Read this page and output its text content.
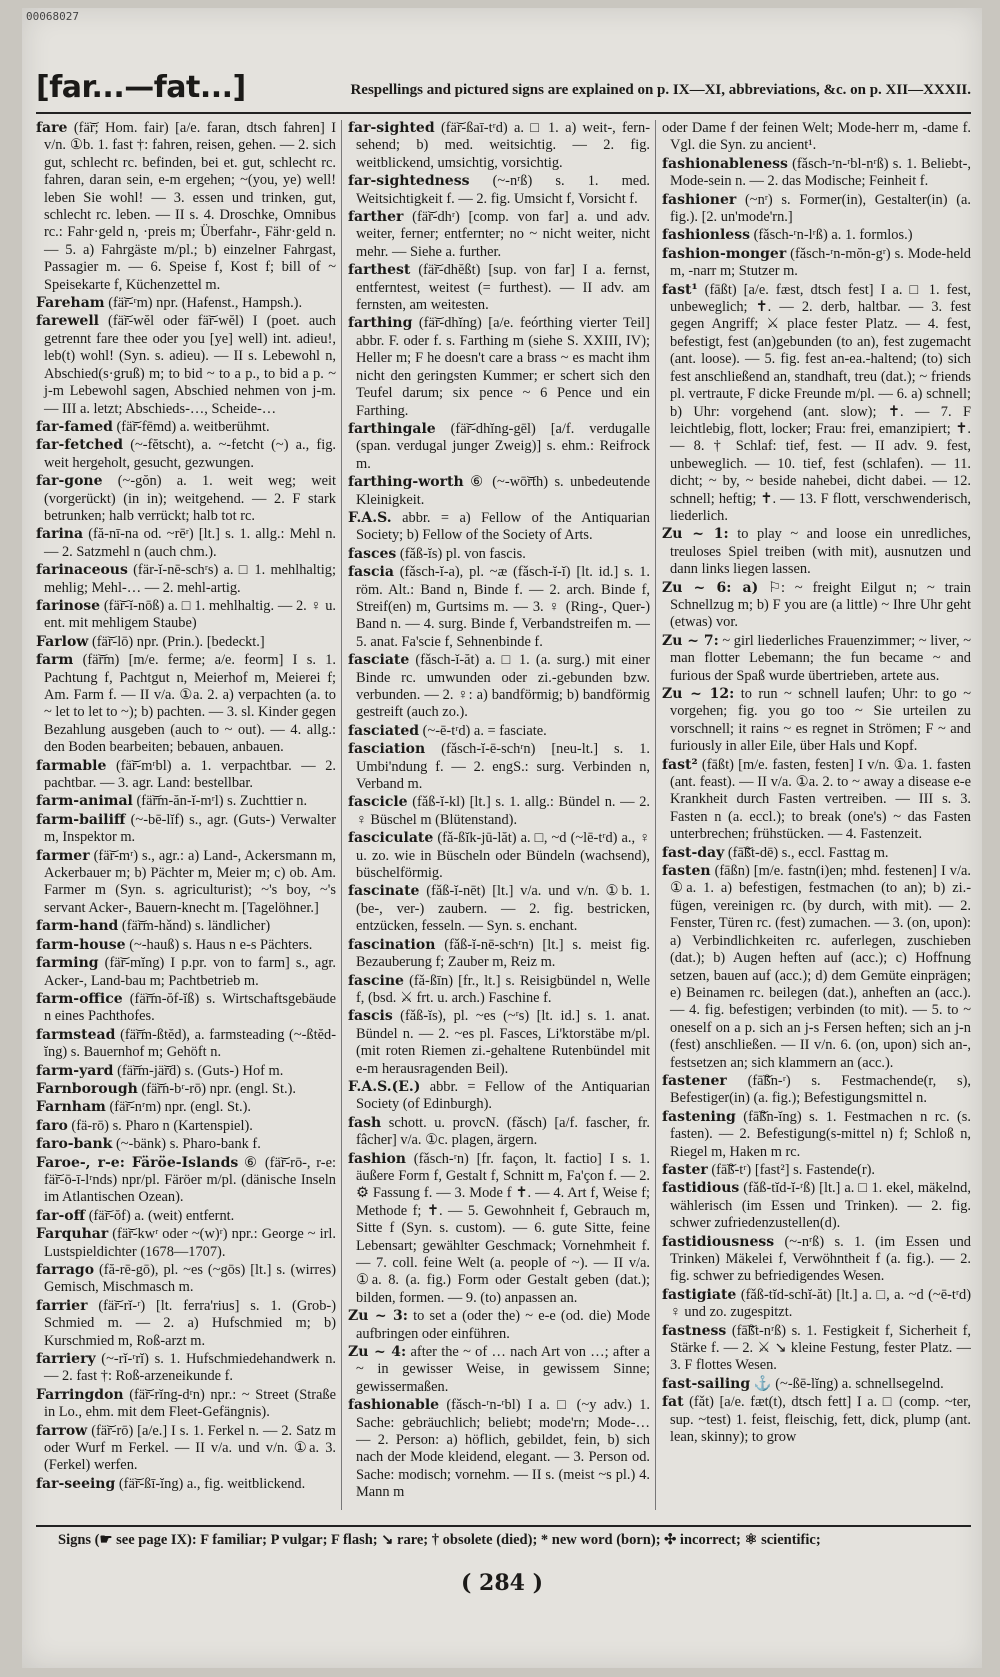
00068027
[far...—fat...]	Respellings and pictured signs are explained on p. IX—XI, abbreviations, &c. on p. XII—XXXII.
fare (fä͝r; Hom. fair) [a/e. faran, dtsch fahren] I v/n. ①b. 1. fast †: fahren, reisen, gehen. — 2. sich gut, schlecht rc. befinden, bei et. gut, schlecht rc. fahren, daran sein, e-m ergehen; ~(you, ye) well! leben Sie wohl! — 3. essen und trinken, gut, schlecht rc. leben. — II s. 4. Droschke, Omnibus rc.: Fahr·geld n, ·preis m; Überfahr-, Fähr·geld n. — 5. a) Fahrgäste m/pl.; b) einzelner Fahrgast, Passagier m. — 6. Speise f, Kost f; bill of ~ Speisekarte f, Küchenzettel m.
Fareham (fä͝r-ʳm) npr. (Hafenst., Hampsh.).
farewell (fä͝r-wĕl oder fä͝r-wĕl) I (poet. auch getrennt fare thee oder you [ye] well) int. adieu!, leb(t) wohl! (Syn. s. adieu). — II s. Lebewohl n, Abschied(s·gruß) m; to bid ~ to a p., to bid a p. ~ j-m Lebewohl sagen, Abschied nehmen von j-m. — III a. letzt; Abschieds-…, Scheide-…
far-famed (fä͝r-fēmd) a. weitberühmt.
far-fetched (~-fĕtscht), a. ~-fetcht (~) a., fig. weit hergeholt, gesucht, gezwungen.
far-gone (~-gŏn) a. 1. weit weg; weit (vorgerückt) (in in); weitgehend. — 2. F stark betrunken; halb verrückt; halb tot rc.
farina (fă-nī-na od. ~rēʳ) [lt.] s. 1. allg.: Mehl n. — 2. Satzmehl n (auch chm.).
farinaceous (fär-ĭ-nē-schʳs) a. □ 1. mehlhaltig; mehlig; Mehl-… — 2. mehl-artig.
farinose (fä͝r-ĭ-nōß) a. □ 1. mehlhaltig. — 2. ♀ u. ent. mit mehligem Staube)
Farlow (fä͝r-lō) npr. (Prin.). [bedeckt.]
farm (fä͝rm) [m/e. ferme; a/e. feorm] I s. 1. Pachtung f, Pachtgut n, Meierhof m, Meierei f; Am. Farm f. — II v/a. ①a. 2. a) verpachten (a. to ~ let to let to ~); b) pachten. — 3. sl. Kinder gegen Bezahlung ausgeben (auch to ~ out). — 4. allg.: den Boden bearbeiten; bebauen, anbauen.
farmable (fä͝r-mʳbl) a. 1. verpachtbar. — 2. pachtbar. — 3. agr. Land: bestellbar.
farm-animal (fä͝rm-ăn-ĭ-mʳl) s. Zuchttier n.
farm-bailiff (~-bē-lĭf) s., agr. (Guts-) Verwalter m, Inspektor m.
farmer (fä͝r-mʳ) s., agr.: a) Land-, Ackersmann m, Ackerbauer m; b) Pächter m, Meier m; c) ob. Am. Farmer m (Syn. s. agriculturist); ~'s boy, ~'s servant Acker-, Bauern-knecht m. [Tagelöhner.]
farm-hand (fä͝rm-hǎnd) s. ländlicher)
farm-house (~-hauß) s. Haus n e-s Pächters.
farming (fä͝r-mĭng) I p.pr. von to farm] s., agr. Acker-, Land-bau m; Pachtbetrieb m.
farm-office (fä͝rm-ŏf-ĭß) s. Wirtschaftsgebäude n eines Pachthofes.
farmstead (fä͝rm-ßtĕd), a. farmsteading (~-ßtĕd-ĭng) s. Bauernhof m; Gehöft n.
farm-yard (fä͝rm-jä͝rd) s. (Guts-) Hof m.
Farnborough (fä͝rn-bʳ-rō) npr. (engl. St.).
Farnham (fä͝r-nʳm) npr. (engl. St.).
faro (fä-rō) s. Pharo n (Kartenspiel).
faro-bank (~-bänk) s. Pharo-bank f.
Faroe-, r-e: Färöe-Islands ⑥ (fä͝r-rō-, r-e: fä͝r-ō-ī-lʳnds) npr/pl. Färöer m/pl. (dänische Inseln im Atlantischen Ozean).
far-off (fä͝r-ŏf) a. (weit) entfernt.
Farquhar (fä͝r-kwʳ oder ~(w)ʳ) npr.: George ~ irl. Lustspieldichter (1678—1707).
farrago (fă-rē-gō), pl. ~es (~gōs) [lt.] s. (wirres) Gemisch, Mischmasch m.
farrier (fä͝r-rĭ-ʳ) [lt. ferra'rius] s. 1. (Grob-) Schmied m. — 2. a) Hufschmied m; b) Kurschmied m, Roß-arzt m.
farriery (~-rĭ-ʳrĭ) s. 1. Hufschmiedehandwerk n. — 2. fast †: Roß-arzeneikunde f.
Farringdon (fä͝r-rĭng-dʳn) npr.: ~ Street (Straße in Lo., ehm. mit dem Fleet-Gefängnis).
farrow (fä͝r-rō) [a/e.] I s. 1. Ferkel n. — 2. Satz m oder Wurf m Ferkel. — II v/a. und v/n. ①a. 3. (Ferkel) werfen.
far-seeing (fä͝r-ßī-ĭng) a., fig. weitblickend.
far-sighted (fä͝r-ßaī-tʳd) a. □ 1. a) weit-, fern-sehend; b) med. weitsichtig. — 2. fig. weitblickend, umsichtig, vorsichtig.
far-sightedness (~-nʳß) s. 1. med. Weitsichtigkeit f. — 2. fig. Umsicht f, Vorsicht f.
farther (fä͝r-dhʳ) [comp. von far] a. und adv. weiter, ferner; entfernter; no ~ nicht weiter, nicht mehr. — Siehe a. further.
farthest (fä͝r-dhĕßt) [sup. von far] I a. fernst, entferntest, weitest (= furthest). — II adv. am fernsten, am weitesten.
farthing (fä͝r-dhĭng) [a/e. feórthing vierter Teil] abbr. F. oder f. s. Farthing m (siehe S. XXIII, IV); Heller m; F he doesn't care a brass ~ es macht ihm nicht den geringsten Kummer; er schert sich den Teufel darum; six pence ~ 6 Pence und ein Farthing.
farthingale (fä͝r-dhĭng-gēl) [a/f. verdugalle (span. verdugal junger Zweig)] s. ehm.: Reifrock m.
farthing-worth ⑥ (~-wō͝rth) s. unbedeutende Kleinigkeit.
F.A.S. abbr. = a) Fellow of the Antiquarian Society; b) Fellow of the Society of Arts.
fasces (fǎß-ĭs) pl. von fascis.
fascia (fǎsch-ĭ-a), pl. ~æ (fǎsch-ĭ-ĭ) [lt. id.] s. 1. röm. Alt.: Band n, Binde f. — 2. arch. Binde f, Streif(en) m, Gurtsims m. — 3. ♀ (Ring-, Quer-) Band n. — 4. surg. Binde f, Verbandstreifen m. — 5. anat. Fa'scie f, Sehnenbinde f.
fasciate (fǎsch-ĭ-ăt) a. □ 1. (a. surg.) mit einer Binde rc. umwunden oder zi.-gebunden bzw. verbunden. — 2. ♀: a) bandförmig; b) bandförmig gestreift (auch zo.).
fasciated (~-ē-tʳd) a. = fasciate.
fasciation (fǎsch-ĭ-ē-schʳn) [neu-lt.] s. 1. Umbi'ndung f. — 2. engS.: surg. Verbinden n, Verband m.
fascicle (fǎß-ĭ-kl) [lt.] s. 1. allg.: Bündel n. — 2. ♀ Büschel m (Blütenstand).
fasciculate (fǎ-ßĭk-jū-lăt) a. □, ~d (~lē-tʳd) a., ♀ u. zo. wie in Büscheln oder Bündeln (wachsend), büschelförmig.
fascinate (fǎß-ĭ-nēt) [lt.] v/a. und v/n. ①b. 1. (be-, ver-) zaubern. — 2. fig. bestricken, entzücken, fesseln. — Syn. s. enchant.
fascination (fǎß-ĭ-nē-schʳn) [lt.] s. meist fig. Bezauberung f; Zauber m, Reiz m.
fascine (fǎ-ßīn) [fr., lt.] s. Reisigbündel n, Welle f, (bsd. ⚔ frt. u. arch.) Faschine f.
fascis (fǎß-ĭs), pl. ~es (~ʳs) [lt. id.] s. 1. anat. Bündel n. — 2. ~es pl. Fasces, Li'ktorstäbe m/pl. (mit roten Riemen zi.-gehaltene Rutenbündel mit e-m herausragenden Beil).
F.A.S.(E.) abbr. = Fellow of the Antiquarian Society (of Edinburgh).
fash schott. u. provcN. (fǎsch) [a/f. fascher, fr. fâcher] v/a. ①c. plagen, ärgern.
fashion (fǎsch-ʳn) [fr. façon, lt. factio] I s. 1. äußere Form f, Gestalt f, Schnitt m, Fa'çon f. — 2. ⚙ Fassung f. — 3. Mode f ✝. — 4. Art f, Weise f; Methode f; ✝. — 5. Gewohnheit f, Gebrauch m, Sitte f (Syn. s. custom). — 6. gute Sitte, feine Lebensart; gewählter Geschmack; Vornehmheit f. — 7. coll. feine Welt (a. people of ~). — II v/a. ①a. 8. (a. fig.) Form oder Gestalt geben (dat.); bilden, formen. — 9. (to) anpassen an.
Zu ~ 3: to set a (oder the) ~ e-e (od. die) Mode aufbringen oder einführen.
Zu ~ 4: after the ~ of … nach Art von …; after a ~ in gewisser Weise, in gewissem Sinne; gewissermaßen.
fashionable (fǎsch-ʳn-ʳbl) I a. □ (~y adv.) 1. Sache: gebräuchlich; beliebt; mode'rn; Mode-… — 2. Person: a) höflich, gebildet, fein, b) sich nach der Mode kleidend, elegant. — 3. Person od. Sache: modisch; vornehm. — II s. (meist ~s pl.) 4. Mann m
oder Dame f der feinen Welt; Mode-herr m, -dame f. Vgl. die Syn. zu ancient¹.
fashionableness (fǎsch-ʳn-ʳbl-nʳß) s. 1. Beliebt-, Mode-sein n. — 2. das Modische; Feinheit f.
fashioner (~nʳ) s. Former(in), Gestalter(in) (a. fig.). [2. un'mode'rn.]
fashionless (fǎsch-ʳn-lʳß) a. 1. formlos.)
fashion-monger (fǎsch-ʳn-mŏn-gʳ) s. Mode-held m, -narr m; Stutzer m.
fast¹ (fāßt) [a/e. fæst, dtsch fest] I a. □ 1. fest, unbeweglich; ✝. — 2. derb, haltbar. — 3. fest gegen Angriff; ⚔ place fester Platz. — 4. fest, befestigt, fest (an)gebunden (to an), fest zugemacht (ant. loose). — 5. fig. fest an-ea.-haltend; (to) sich fest anschließend an, standhaft, treu (dat.); ~ friends pl. vertraute, F dicke Freunde m/pl. — 6. a) schnell; b) Uhr: vorgehend (ant. slow); ✝. — 7. F leichtlebig, flott, locker; Frau: frei, emanzipiert; ✝. — 8. † Schlaf: tief, fest. — II adv. 9. fest, unbeweglich. — 10. tief, fest (schlafen). — 11. dicht; ~ by, ~ beside nahebei, dicht dabei. — 12. schnell; heftig; ✝. — 13. F flott, verschwenderisch, liederlich.
Zu ~ 1: to play ~ and loose ein unredliches, treuloses Spiel treiben (with mit), ausnutzen und dann links liegen lassen.
Zu ~ 6: a) ⚐: ~ freight Eilgut n; ~ train Schnellzug m; b) F you are (a little) ~ Ihre Uhr geht (etwas) vor.
Zu ~ 7: ~ girl liederliches Frauenzimmer; ~ liver, ~ man flotter Lebemann; the fun became ~ and furious der Spaß wurde übertrieben, artete aus.
Zu ~ 12: to run ~ schnell laufen; Uhr: to go ~ vorgehen; fig. you go too ~ Sie urteilen zu vorschnell; it rains ~ es regnet in Strömen; F ~ and furiously in aller Eile, über Hals und Kopf.
fast² (fāßt) [m/e. fasten, festen] I v/n. ①a. 1. fasten (ant. feast). — II v/a. ①a. 2. to ~ away a disease e-e Krankheit durch Fasten vertreiben. — III s. 3. Fasten n (a. eccl.); to break (one's) ~ das Fasten unterbrechen; frühstücken. — 4. Fastenzeit.
fast-day (fā͝ßt-dē) s., eccl. Fasttag m.
fasten (fāßn) [m/e. fastn(i)en; mhd. festenen] I v/a. ①a. 1. a) befestigen, festmachen (to an); b) zi.-fügen, vereinigen rc. (by durch, with mit). — 2. Fenster, Türen rc. (fest) zumachen. — 3. (on, upon): a) Verbindlichkeiten rc. auferlegen, zuschieben (dat.); b) Augen heften auf (acc.); c) Hoffnung setzen, bauen auf (acc.); d) dem Gemüte einprägen; e) Beinamen rc. beilegen (dat.), anheften an (acc.). — 4. fig. befestigen; verbinden (to mit). — 5. to ~ oneself on a p. sich an j-s Fersen heften; sich an j-n (fest) anschließen. — II v/n. 6. (on, upon) sich an-, festsetzen an; sich klammern an (acc.).
fastener (fā͝ßn-ʳ) s. Festmachende(r, s), Befestiger(in) (a. fig.); Befestigungsmittel n.
fastening (fā͝ßn-ĭng) s. 1. Festmachen n rc. (s. fasten). — 2. Befestigung(s-mittel n) f; Schloß n, Riegel m, Haken m rc.
faster (fā͝ß-tʳ) [fast²] s. Fastende(r).
fastidious (fǎß-tĭd-ĭ-ʳß) [lt.] a. □ 1. ekel, mäkelnd, wählerisch (im Essen und Trinken). — 2. fig. schwer zufriedenzustellen(d).
fastidiousness (~-nʳß) s. 1. (im Essen und Trinken) Mäkelei f, Verwöhntheit f (a. fig.). — 2. fig. schwer zu befriedigendes Wesen.
fastigiate (fǎß-tĭd-schĭ-ăt) [lt.] a. □, a. ~d (~ē-tʳd) ♀ und zo. zugespitzt.
fastness (fā͝ßt-nʳß) s. 1. Festigkeit f, Sicherheit f, Stärke f. — 2. ⚔ ↘ kleine Festung, fester Platz. — 3. F flottes Wesen.
fast-sailing ⚓ (~-ßē-lĭng) a. schnellsegelnd.
fat (fǎt) [a/e. fæt(t), dtsch fett] I a. □ (comp. ~ter, sup. ~test) 1. feist, fleischig, fett, dick, plump (ant. lean, skinny); to grow
Signs (☛ see page IX): F familiar; P vulgar; F flash; ↘ rare; † obsolete (died); * new word (born); ✣ incorrect; ⚛ scientific;
( 284 )
